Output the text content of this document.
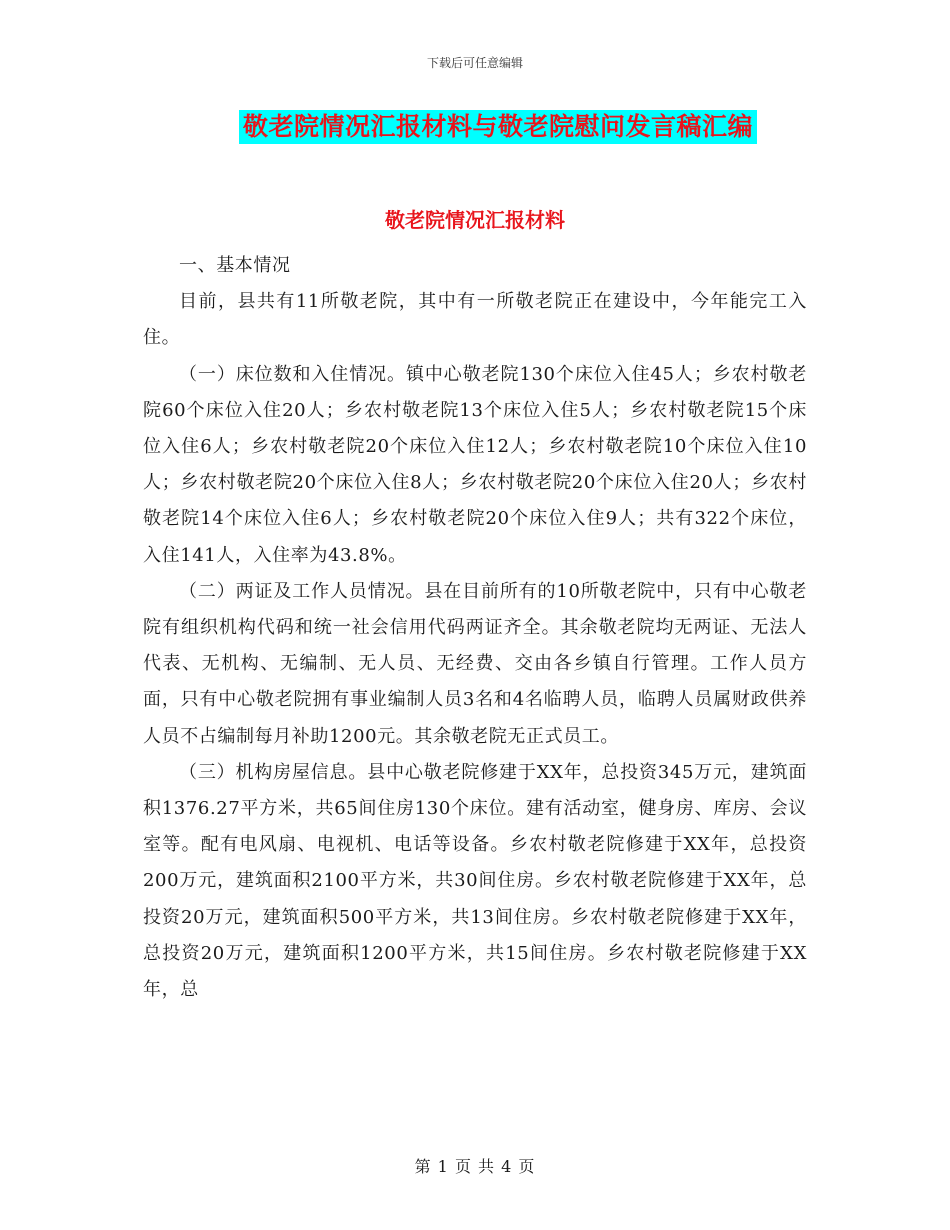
下载后可任意编辑
敬老院情况汇报材料与敬老院慰问发言稿汇编
敬老院情况汇报材料

一、基本情况

目前，县共有11所敬老院，其中有一所敬老院正在建设中，今年能完工入住。

（一）床位数和入住情况。镇中心敬老院130个床位入住45人；乡农村敬老院60个床位入住20人；乡农村敬老院13个床位入住5人；乡农村敬老院15个床位入住6人；乡农村敬老院20个床位入住12人；乡农村敬老院10个床位入住10人；乡农村敬老院20个床位入住8人；乡农村敬老院20个床位入住20人；乡农村敬老院14个床位入住6人；乡农村敬老院20个床位入住9人；共有322个床位，入住141人，入住率为43.8%。

（二）两证及工作人员情况。县在目前所有的10所敬老院中，只有中心敬老院有组织机构代码和统一社会信用代码两证齐全。其余敬老院均无两证、无法人代表、无机构、无编制、无人员、无经费、交由各乡镇自行管理。工作人员方面，只有中心敬老院拥有事业编制人员3名和4名临聘人员，临聘人员属财政供养人员不占编制每月补助1200元。其余敬老院无正式员工。

（三）机构房屋信息。县中心敬老院修建于XX年，总投资345万元，建筑面积1376.27平方米，共65间住房130个床位。建有活动室，健身房、库房、会议室等。配有电风扇、电视机、电话等设备。乡农村敬老院修建于XX年，总投资200万元，建筑面积2100平方米，共30间住房。乡农村敬老院修建于XX年，总投资20万元，建筑面积500平方米，共13间住房。乡农村敬老院修建于XX年，总投资20万元，建筑面积1200平方米，共15间住房。乡农村敬老院修建于XX年，总

第 1 页 共 4 页
